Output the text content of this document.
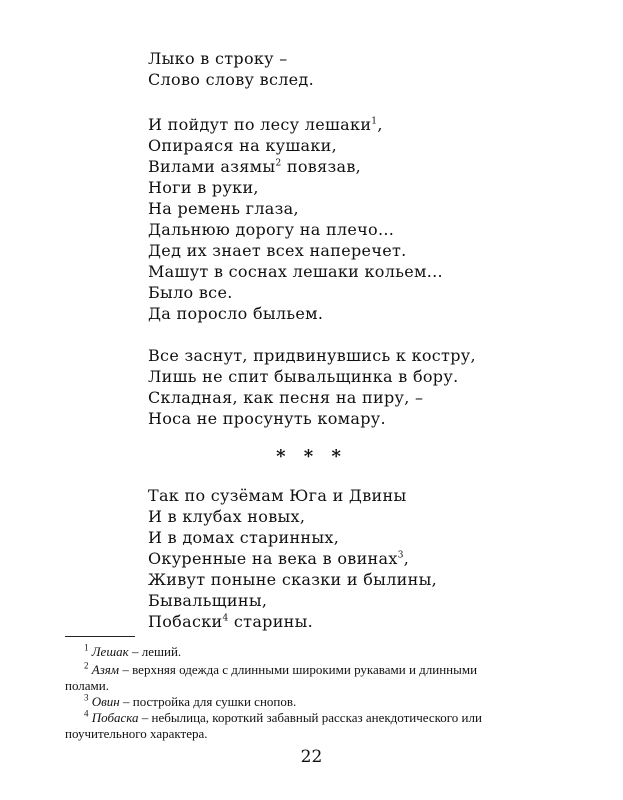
Лыко в строку –
Слово слову вслед.
И пойдут по лесу лешаки$^1$,
Опираяся на кушаки,
Вилами азямы$^2$ повязав,
Ноги в руки,
На ремень глаза,
Дальнюю дорогу на плечо...
Дед их знает всех наперечет.
Машут в соснах лешаки кольем...
Было все.
Да поросло быльем.
Все заснут, придвинувшись к костру,
Лишь не спит бывальщинка в бору.
Складная, как песня на пиру, –
Носа не просунуть комару.
* * *
Так по сузёмам Юга и Двины
И в клубах новых,
И в домах старинных,
Окуренные на века в овинах$^3$,
Живут поныне сказки и былины,
Бывальщины,
Побаски$^4$ старины.
$^1$ Лешак – леший.
$^2$ Азям – верхняя одежда с длинными широкими рукавами и длинными
полами.
$^3$ Овин – постройка для сушки снопов.
$^4$ Побаска – небылица, короткий забавный рассказ анекдотического или
поучительного характера.
22
